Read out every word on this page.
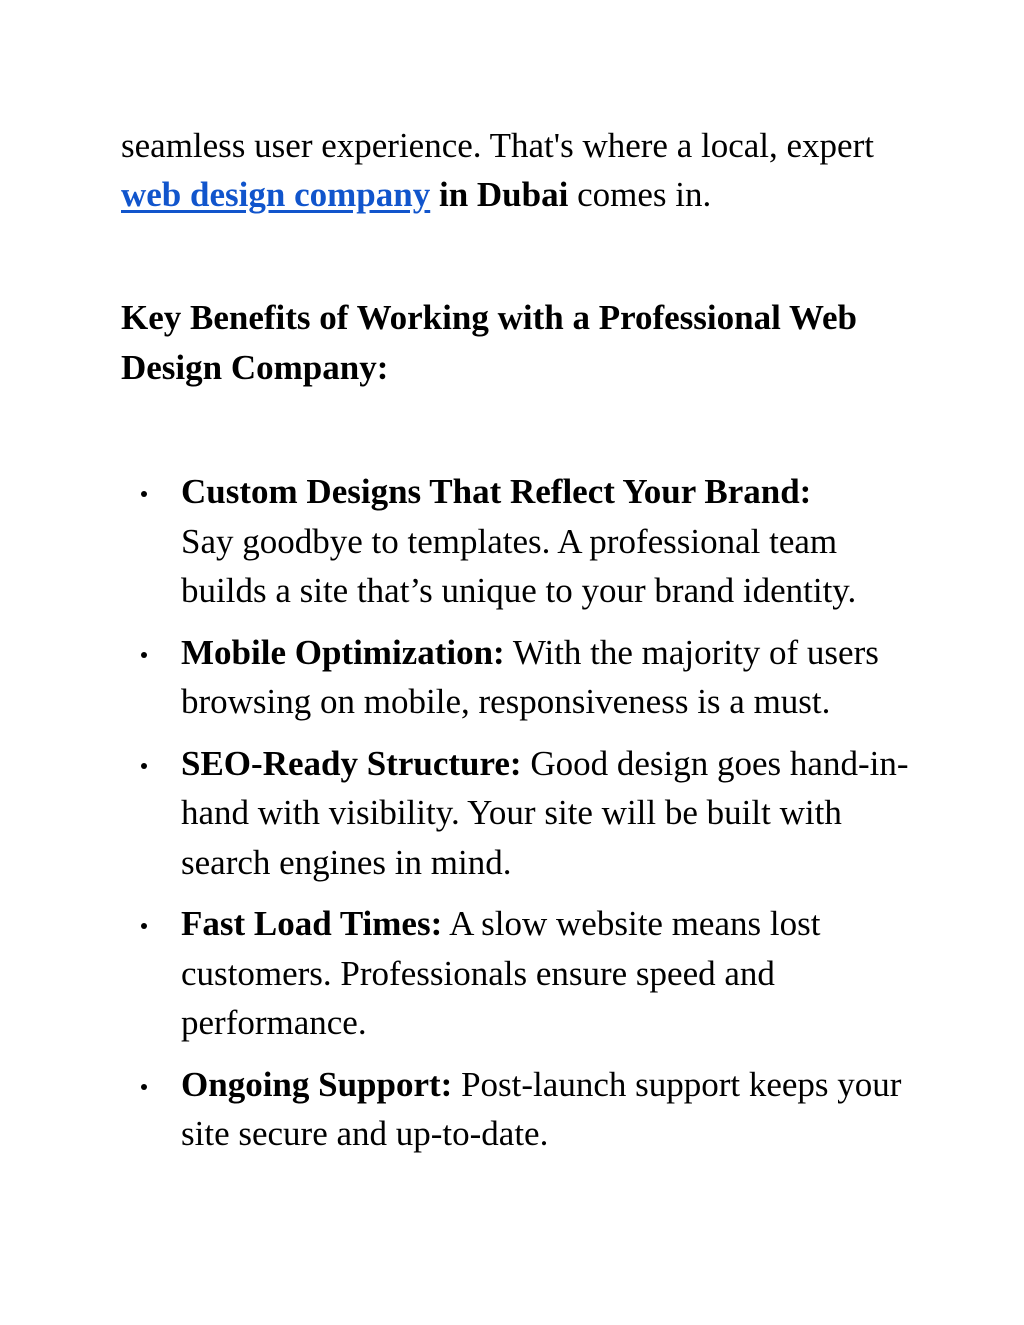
seamless user experience. That's where a local, expert web design company in Dubai comes in.

Key Benefits of Working with a Professional Web Design Company:
Custom Designs That Reflect Your Brand:
Say goodbye to templates. A professional team builds a site that’s unique to your brand identity.
Mobile Optimization: With the majority of users browsing on mobile, responsiveness is a must.
SEO-Ready Structure: Good design goes hand-in-hand with visibility. Your site will be built with search engines in mind.
Fast Load Times: A slow website means lost customers. Professionals ensure speed and performance.
Ongoing Support: Post-launch support keeps your site secure and up-to-date.
